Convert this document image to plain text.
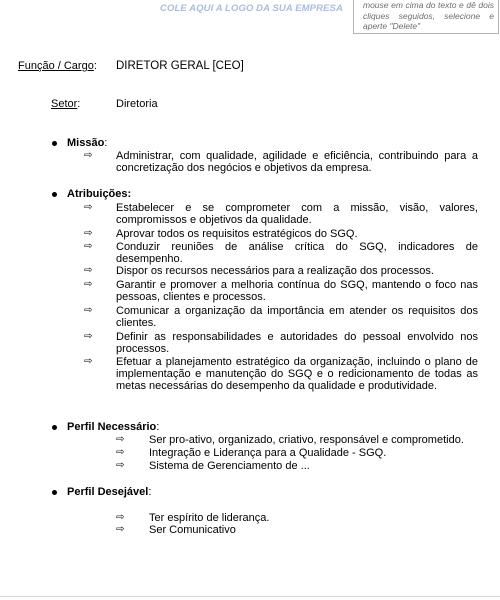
COLE AQUI A LOGO DA SUA EMPRESA	mouse em cima do texto e dê dois cliques seguidos, selecione e aperte "Delete"
Função / Cargo: DIRETOR GERAL [CEO]
Setor:	Diretoria
Missão:
⇨ Administrar, com qualidade, agilidade e eficiência, contribuindo para a concretização dos negócios e objetivos da empresa.
Atribuições:
⇨ Estabelecer e se comprometer com a missão, visão, valores, compromissos e objetivos da qualidade.
⇨ Aprovar todos os requisitos estratégicos do SGQ.
⇨ Conduzir reuniões de análise crítica do SGQ, indicadores de desempenho.
⇨ Dispor os recursos necessários para a realização dos processos.
⇨ Garantir e promover a melhoria contínua do SGQ, mantendo o foco nas pessoas, clientes e processos.
⇨ Comunicar a organização da importância em atender os requisitos dos clientes.
⇨ Definir as responsabilidades e autoridades do pessoal envolvido nos processos.
⇨ Efetuar a planejamento estratégico da organização, incluindo o plano de implementação e manutenção do SGQ e o redicionamento de todas as metas necessárias do desempenho da qualidade e produtividade.
Perfil Necessário:
⇨ Ser pro-ativo, organizado, criativo, responsável e comprometido.
⇨ Integração e Liderança para a Qualidade - SGQ.
⇨ Sistema de Gerenciamento de ...
Perfil Desejável:
⇨ Ter espírito de liderança.
⇨ Ser Comunicativo
